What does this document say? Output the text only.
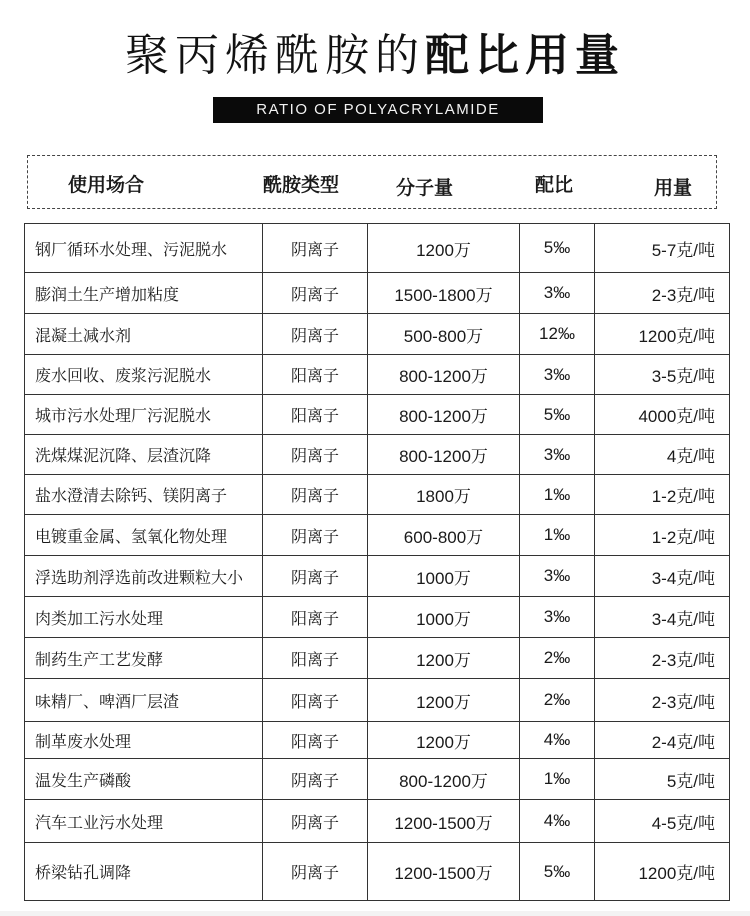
聚丙烯酰胺的配比用量
RATIO OF POLYACRYLAMIDE
使用场合	酰胺类型	分子量	配比	用量
钢厂循环水处理、污泥脱水	阴离子	1200万	5‰	5-7克/吨
膨润土生产增加粘度	阴离子	1500-1800万	3‰	2-3克/吨
混凝土减水剂	阴离子	500-800万	12‰	1200克/吨
废水回收、废浆污泥脱水	阳离子	800-1200万	3‰	3-5克/吨
城市污水处理厂污泥脱水	阳离子	800-1200万	5‰	4000克/吨
洗煤煤泥沉降、层渣沉降	阴离子	800-1200万	3‰	4克/吨
盐水澄清去除钙、镁阴离子	阴离子	1800万	1‰	1-2克/吨
电镀重金属、氢氧化物处理	阴离子	600-800万	1‰	1-2克/吨
浮选助剂浮选前改进颗粒大小	阴离子	1000万	3‰	3-4克/吨
肉类加工污水处理	阳离子	1000万	3‰	3-4克/吨
制药生产工艺发酵	阳离子	1200万	2‰	2-3克/吨
味精厂、啤酒厂层渣	阳离子	1200万	2‰	2-3克/吨
制革废水处理	阳离子	1200万	4‰	2-4克/吨
温发生产磷酸	阴离子	800-1200万	1‰	5克/吨
汽车工业污水处理	阴离子	1200-1500万	4‰	4-5克/吨
桥梁钻孔调降	阴离子	1200-1500万	5‰	1200克/吨
